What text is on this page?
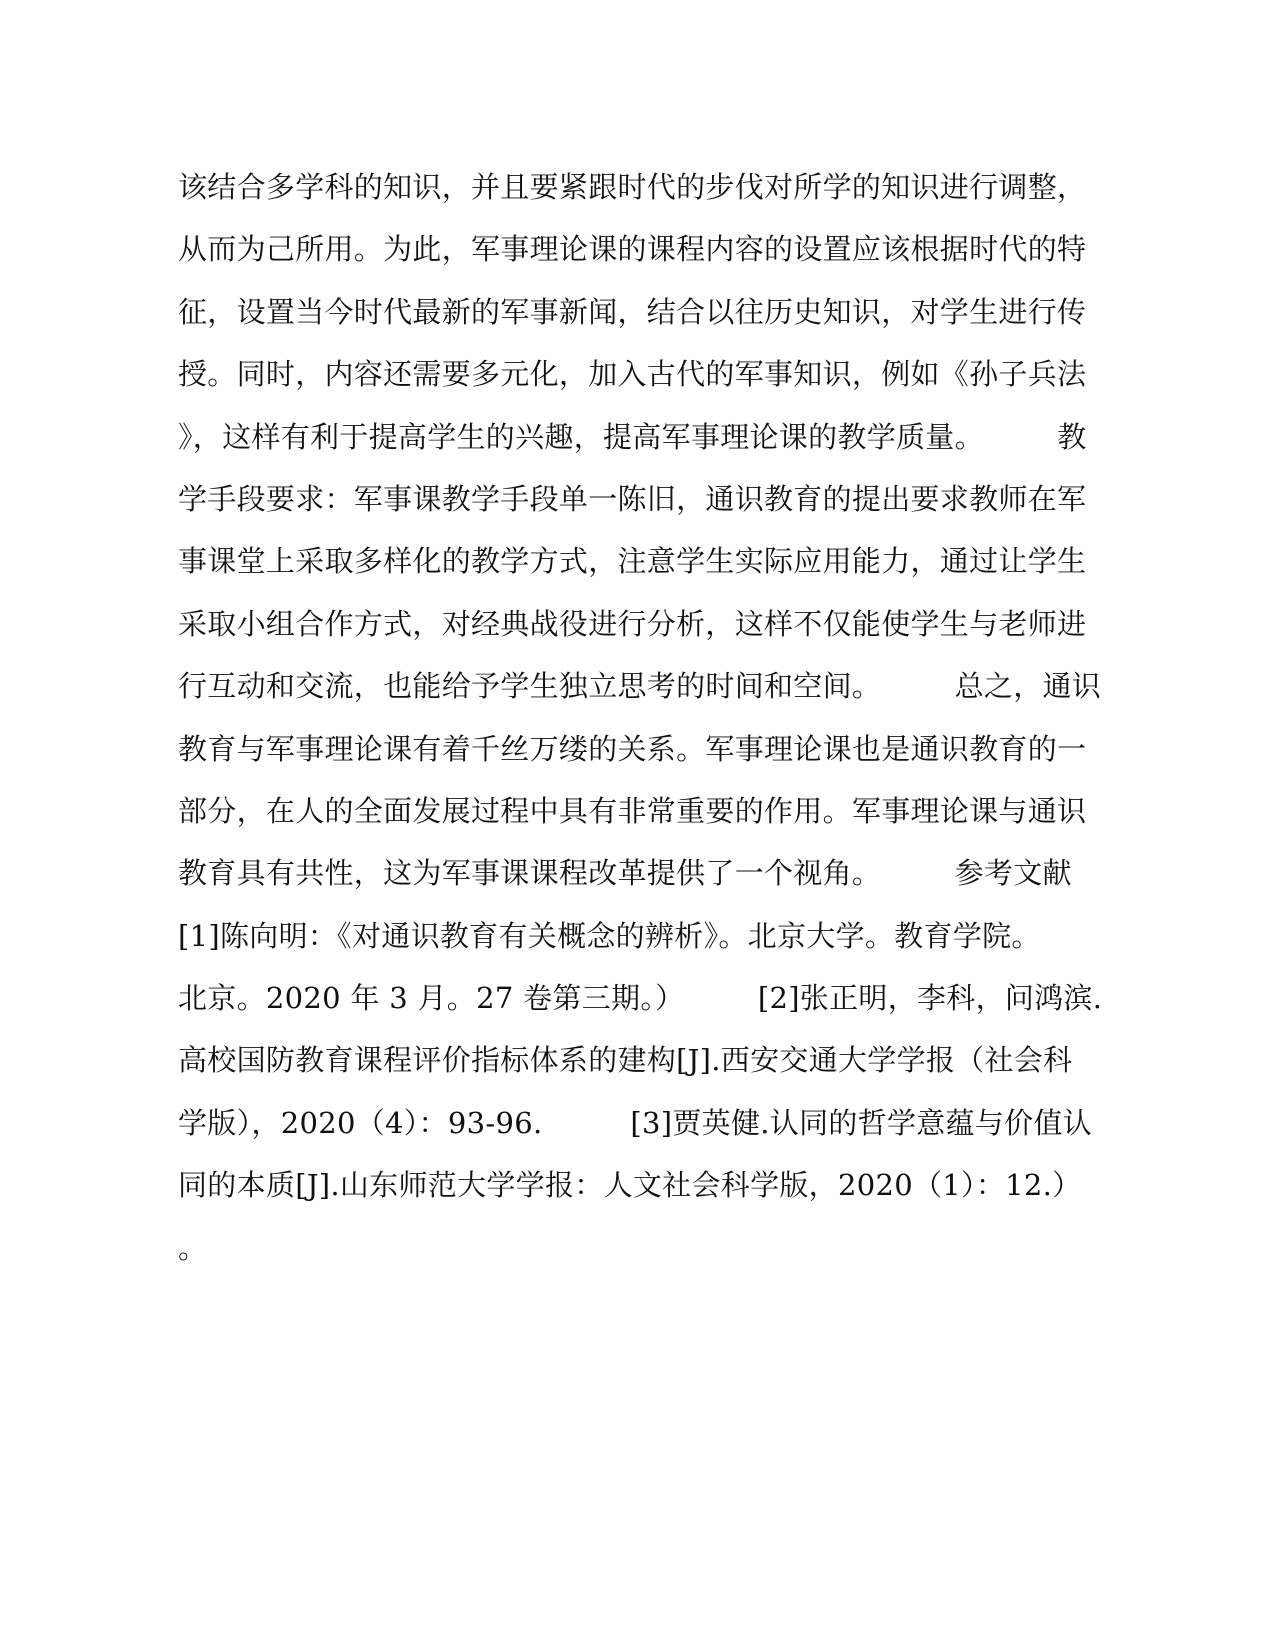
该结合多学科的知识，并且要紧跟时代的步伐对所学的知识进行调整，
从而为己所用。为此，军事理论课的课程内容的设置应该根据时代的特
征，设置当今时代最新的军事新闻，结合以往历史知识，对学生进行传
授。同时，内容还需要多元化，加入古代的军事知识，例如《孙子兵法
》，这样有利于提高学生的兴趣，提高军事理论课的教学质量。　　　教
学手段要求：军事课教学手段单一陈旧，通识教育的提出要求教师在军
事课堂上采取多样化的教学方式，注意学生实际应用能力，通过让学生
采取小组合作方式，对经典战役进行分析，这样不仅能使学生与老师进
行互动和交流，也能给予学生独立思考的时间和空间。　　　总之，通识
教育与军事理论课有着千丝万缕的关系。军事理论课也是通识教育的一
部分，在人的全面发展过程中具有非常重要的作用。军事理论课与通识
教育具有共性，这为军事课课程改革提供了一个视角。　　　参考文献
[1]陈向明：《对通识教育有关概念的辨析》。北京大学。教育学院。
北京。2020 年 3 月。27 卷第三期。）　　　[2]张正明，李科，问鸿滨.
高校国防教育课程评价指标体系的建构[J].西安交通大学学报（社会科
学版），2020（4）：93-96.　　　[3]贾英健.认同的哲学意蕴与价值认
同的本质[J].山东师范大学学报：人文社会科学版，2020（1）：12.）
。
